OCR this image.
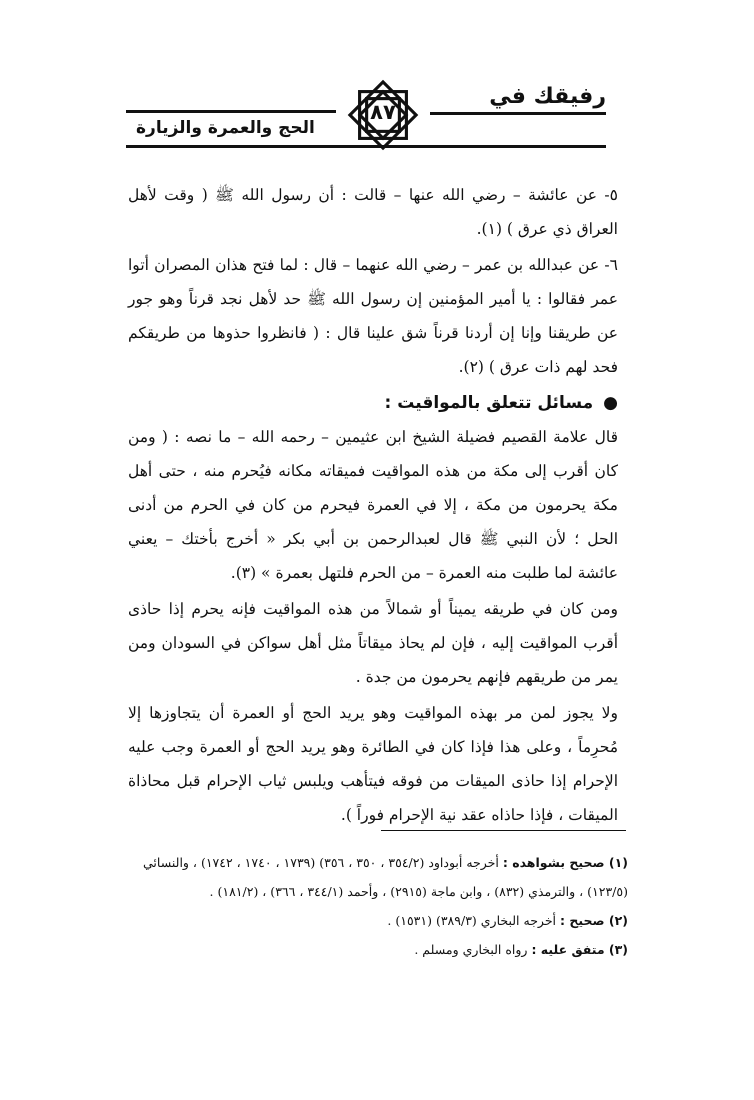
رفيقك في

الحج والعمرة والزيارة

٨٧

٥- عن عائشة – رضي الله عنها – قالت : أن رسول الله ﷺ ( وقت لأهل العراق ذي عرق ) (١).

٦- عن عبدالله بن عمر – رضي الله عنهما – قال : لما فتح هذان المصران أتوا عمر فقالوا : يا أمير المؤمنين إن رسول الله ﷺ حد لأهل نجد قرناً وهو جور عن طريقنا وإنا إن أردنا قرناً شق علينا قال : ( فانظروا حذوها من طريقكم فحد لهم ذات عرق ) (٢).

●مسائل تتعلق بالمواقيت :

قال علامة القصيم فضيلة الشيخ ابن عثيمين – رحمه الله – ما نصه : ( ومن كان أقرب إلى مكة من هذه المواقيت فميقاته مكانه فيُحرم منه ، حتى أهل مكة يحرمون من مكة ، إلا في العمرة فيحرم من كان في الحرم من أدنى الحل ؛ لأن النبي ﷺ قال لعبدالرحمن بن أبي بكر « أخرج بأختك – يعني عائشة لما طلبت منه العمرة – من الحرم فلتهل بعمرة » (٣).

ومن كان في طريقه يميناً أو شمالاً من هذه المواقيت فإنه يحرم إذا حاذى أقرب المواقيت إليه ، فإن لم يحاذ ميقاتاً مثل أهل سواكن في السودان ومن يمر من طريقهم فإنهم يحرمون من جدة .

ولا يجوز لمن مر بهذه المواقيت وهو يريد الحج أو العمرة أن يتجاوزها إلا مُحرِماً ، وعلى هذا فإذا كان في الطائرة وهو يريد الحج أو العمرة وجب عليه الإحرام إذا حاذى الميقات من فوقه فيتأهب ويلبس ثياب الإحرام قبل محاذاة الميقات ، فإذا حاذاه عقد نية الإحرام فوراً ).

(١) صحيح بشواهده : أخرجه أبوداود (٣٥٤/٢ ، ٣٥٠ ، ٣٥٦) (١٧٣٩ ، ١٧٤٠ ، ١٧٤٢) ، والنسائي (١٢٣/٥) ، والترمذي (٨٣٢) ، وابن ماجة (٢٩١٥) ، وأحمد (٣٤٤/١ ، ٣٦٦) ، (١٨١/٢) .

(٢) صحيح : أخرجه البخاري (٣٨٩/٣) (١٥٣١) .

(٣) متفق عليه : رواه البخاري ومسلم .
